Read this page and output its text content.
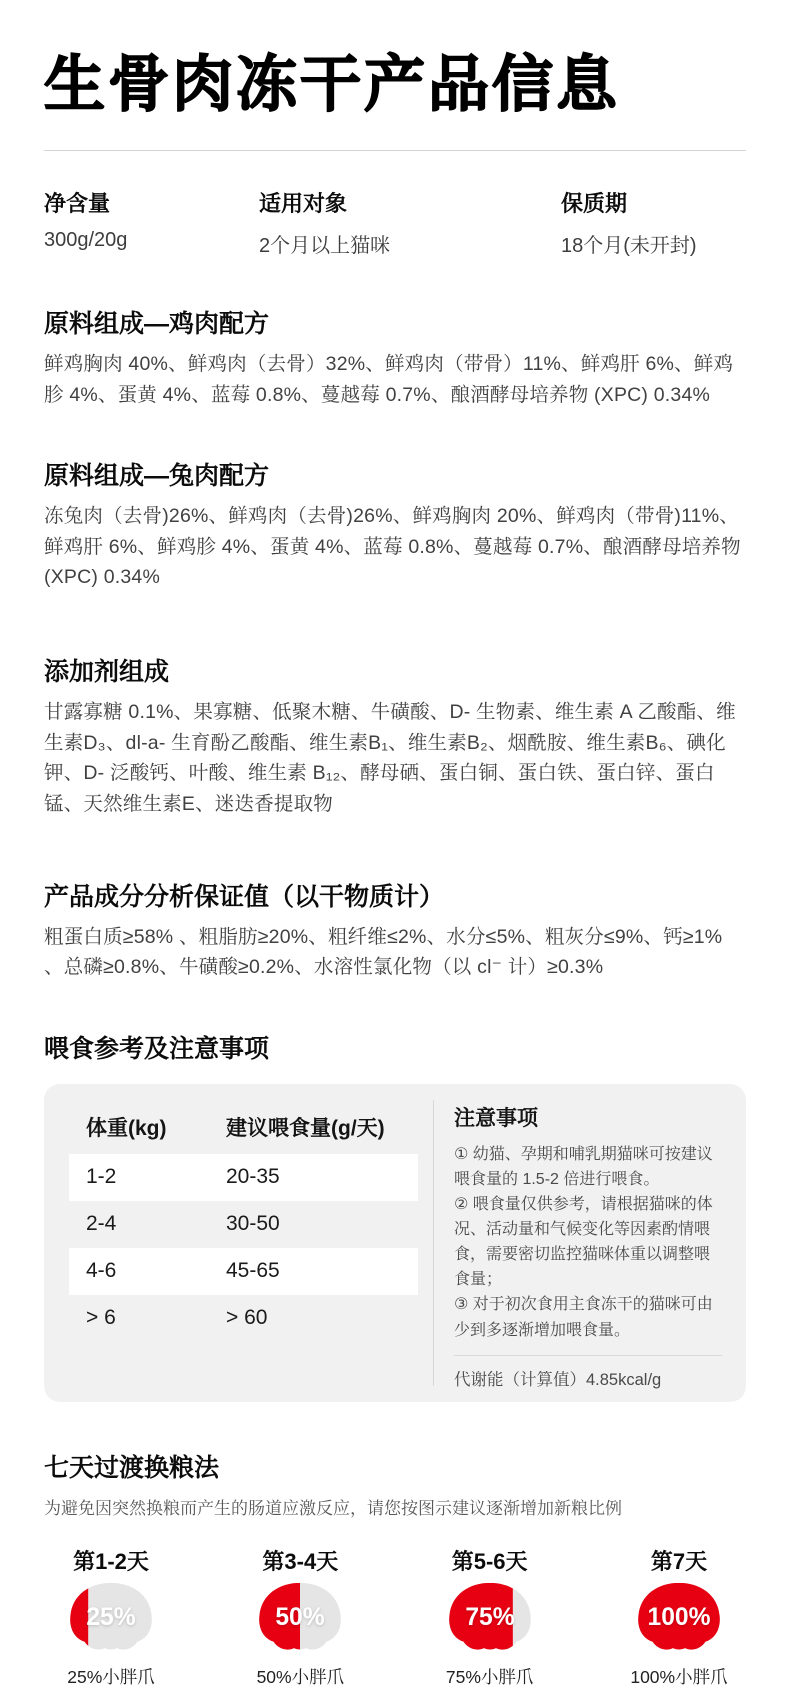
生骨肉冻干产品信息
净含量
300g/20g
适用对象
2个月以上猫咪
保质期
18个月(未开封)
原料组成—鸡肉配方

鲜鸡胸肉 40%、鲜鸡肉（去骨）32%、鲜鸡肉（带骨）11%、鲜鸡肝 6%、鲜鸡胗 4%、蛋黄 4%、蓝莓 0.8%、蔓越莓 0.7%、酿酒酵母培养物 (XPC) 0.34%

原料组成—兔肉配方

冻兔肉（去骨)26%、鲜鸡肉（去骨)26%、鲜鸡胸肉 20%、鲜鸡肉（带骨)11%、鲜鸡肝 6%、鲜鸡胗 4%、蛋黄 4%、蓝莓 0.8%、蔓越莓 0.7%、酿酒酵母培养物 (XPC) 0.34%

添加剂组成

甘露寡糖 0.1%、果寡糖、低聚木糖、牛磺酸、D- 生物素、维生素 A 乙酸酯、维生素D₃、dl-a- 生育酚乙酸酯、维生素B₁、维生素B₂、烟酰胺、维生素B₆、碘化钾、D- 泛酸钙、叶酸、维生素 B₁₂、酵母硒、蛋白铜、蛋白铁、蛋白锌、蛋白锰、天然维生素E、迷迭香提取物

产品成分分析保证值（以干物质计）

粗蛋白质≥58% 、粗脂肪≥20%、粗纤维≤2%、水分≤5%、粗灰分≤9%、钙≥1% 、总磷≥0.8%、牛磺酸≥0.2%、水溶性氯化物（以 cl⁻ 计）≥0.3%

喂食参考及注意事项
体重(kg)	建议喂食量(g/天)
1-2	20-35
2-4	30-50
4-6	45-65
> 6	> 60
注意事项
① 幼猫、孕期和哺乳期猫咪可按建议喂食量的 1.5-2 倍进行喂食。
② 喂食量仅供参考，请根据猫咪的体况、活动量和气候变化等因素酌情喂食，需要密切监控猫咪体重以调整喂食量；
③ 对于初次食用主食冻干的猫咪可由少到多逐渐增加喂食量。
代谢能（计算值）4.85kcal/g
七天过渡换粮法
为避免因突然换粮而产生的肠道应激反应，请您按图示建议逐渐增加新粮比例
第1-2天
25%
25%小胖爪
第3-4天
50%
50%小胖爪
第5-6天
75%
75%小胖爪
第7天
100%
100%小胖爪
